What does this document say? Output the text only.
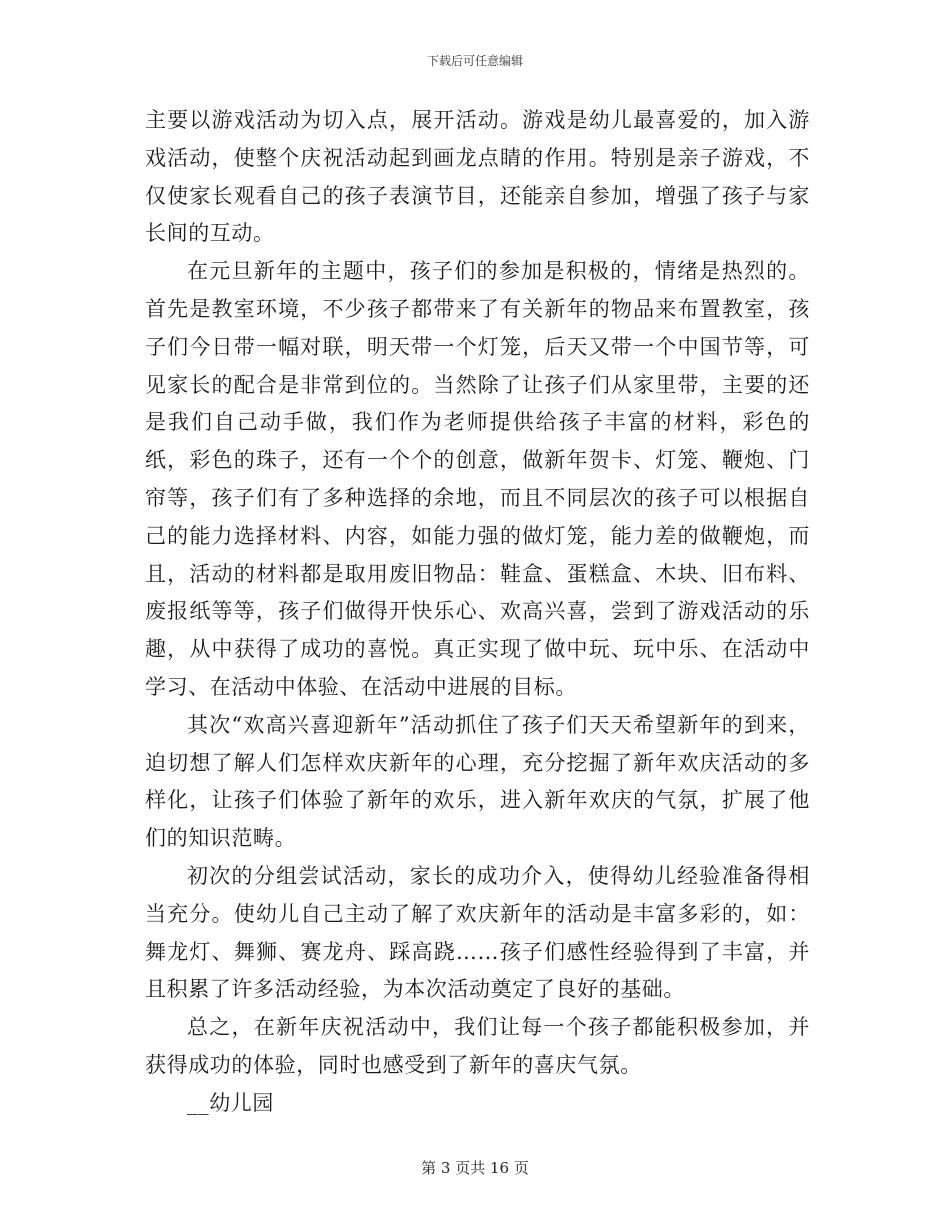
下载后可任意编辑

主要以游戏活动为切入点，展开活动。游戏是幼儿最喜爱的，加入游戏活动，使整个庆祝活动起到画龙点睛的作用。特别是亲子游戏，不仅使家长观看自己的孩子表演节目，还能亲自参加，增强了孩子与家长间的互动。

在元旦新年的主题中，孩子们的参加是积极的，情绪是热烈的。首先是教室环境，不少孩子都带来了有关新年的物品来布置教室，孩子们今日带一幅对联，明天带一个灯笼，后天又带一个中国节等，可见家长的配合是非常到位的。当然除了让孩子们从家里带，主要的还是我们自己动手做，我们作为老师提供给孩子丰富的材料，彩色的纸，彩色的珠子，还有一个个的创意，做新年贺卡、灯笼、鞭炮、门帘等，孩子们有了多种选择的余地，而且不同层次的孩子可以根据自己的能力选择材料、内容，如能力强的做灯笼，能力差的做鞭炮，而且，活动的材料都是取用废旧物品：鞋盒、蛋糕盒、木块、旧布料、废报纸等等，孩子们做得开快乐心、欢高兴喜，尝到了游戏活动的乐趣，从中获得了成功的喜悦。真正实现了做中玩、玩中乐、在活动中学习、在活动中体验、在活动中进展的目标。

其次“欢高兴喜迎新年”活动抓住了孩子们天天希望新年的到来，迫切想了解人们怎样欢庆新年的心理，充分挖掘了新年欢庆活动的多样化，让孩子们体验了新年的欢乐，进入新年欢庆的气氛，扩展了他们的知识范畴。

初次的分组尝试活动，家长的成功介入，使得幼儿经验准备得相当充分。使幼儿自己主动了解了欢庆新年的活动是丰富多彩的，如：舞龙灯、舞狮、赛龙舟、踩高跷……孩子们感性经验得到了丰富，并且积累了许多活动经验，为本次活动奠定了良好的基础。

总之，在新年庆祝活动中，我们让每一个孩子都能积极参加，并获得成功的体验，同时也感受到了新年的喜庆气氛。

__幼儿园

第 3 页共 16 页
